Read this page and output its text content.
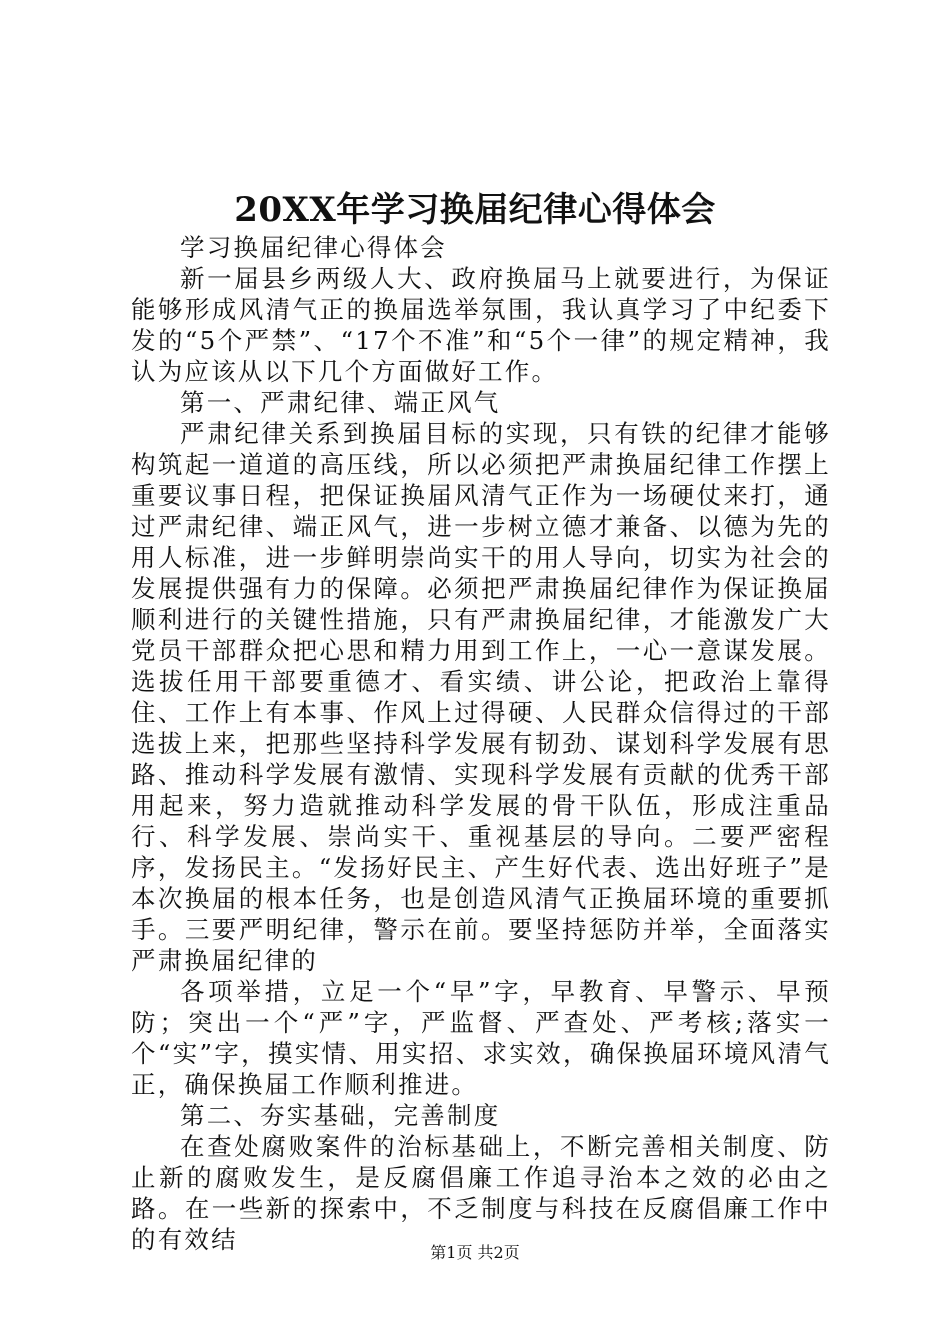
20XX年学习换届纪律心得体会

学习换届纪律心得体会

新一届县乡两级人大、政府换届马上就要进行，为保证能够形成风清气正的换届选举氛围，我认真学习了中纪委下发的“5个严禁”、“17个不准”和“5个一律”的规定精神，我认为应该从以下几个方面做好工作。

第一、严肃纪律、端正风气

严肃纪律关系到换届目标的实现，只有铁的纪律才能够构筑起一道道的高压线，所以必须把严肃换届纪律工作摆上重要议事日程，把保证换届风清气正作为一场硬仗来打，通过严肃纪律、端正风气，进一步树立德才兼备、以德为先的用人标准，进一步鲜明崇尚实干的用人导向，切实为社会的发展提供强有力的保障。必须把严肃换届纪律作为保证换届顺利进行的关键性措施，只有严肃换届纪律，才能激发广大党员干部群众把心思和精力用到工作上，一心一意谋发展。选拔任用干部要重德才、看实绩、讲公论，把政治上靠得住、工作上有本事、作风上过得硬、人民群众信得过的干部选拔上来，把那些坚持科学发展有韧劲、谋划科学发展有思路、推动科学发展有激情、实现科学发展有贡献的优秀干部用起来，努力造就推动科学发展的骨干队伍，形成注重品行、科学发展、崇尚实干、重视基层的导向。二要严密程序，发扬民主。“发扬好民主、产生好代表、选出好班子”是本次换届的根本任务，也是创造风清气正换届环境的重要抓手。三要严明纪律，警示在前。要坚持惩防并举，全面落实严肃换届纪律的

各项举措，立足一个“早”字，早教育、早警示、早预防；突出一个“严”字，严监督、严查处、严考核;落实一个“实”字，摸实情、用实招、求实效，确保换届环境风清气正，确保换届工作顺利推进。

第二、夯实基础，完善制度

在查处腐败案件的治标基础上，不断完善相关制度、防止新的腐败发生，是反腐倡廉工作追寻治本之效的必由之路。在一些新的探索中，不乏制度与科技在反腐倡廉工作中的有效结	第1页 共2页
